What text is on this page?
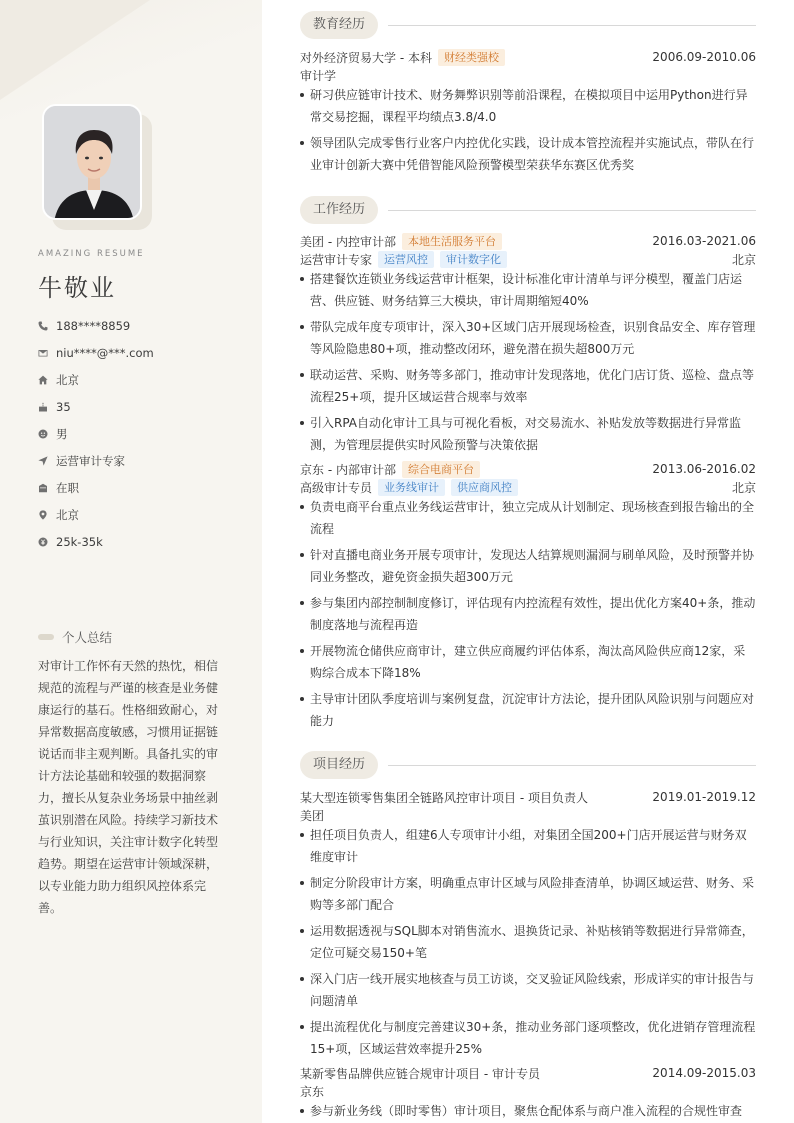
AMAZING RESUME
牛敬业
188****8859
niu****@***.com
北京
35
男
运营审计专家
在职
北京
25k-35k
个人总结
对审计工作怀有天然的热忱，相信规范的流程与严谨的核查是业务健康运行的基石。性格细致耐心，对异常数据高度敏感，习惯用证据链说话而非主观判断。具备扎实的审计方法论基础和较强的数据洞察力，擅长从复杂业务场景中抽丝剥茧识别潜在风险。持续学习新技术与行业知识，关注审计数字化转型趋势。期望在运营审计领域深耕，以专业能力助力组织风控体系完善。
教育经历
对外经济贸易大学 - 本科	财经类强校	2006.09-2010.06
审计学
研习供应链审计技术、财务舞弊识别等前沿课程，在模拟项目中运用Python进行异常交易挖掘，课程平均绩点3.8/4.0
领导团队完成零售行业客户内控优化实践，设计成本管控流程并实施试点，带队在行业审计创新大赛中凭借智能风险预警模型荣获华东赛区优秀奖
工作经历
美团 - 内控审计部	本地生活服务平台	2016.03-2021.06
运营审计专家	运营风控	审计数字化	北京
搭建餐饮连锁业务线运营审计框架，设计标准化审计清单与评分模型，覆盖门店运营、供应链、财务结算三大模块，审计周期缩短40%
带队完成年度专项审计，深入30+区域门店开展现场检查，识别食品安全、库存管理等风险隐患80+项，推动整改闭环，避免潜在损失超800万元
联动运营、采购、财务等多部门，推动审计发现落地，优化门店订货、巡检、盘点等流程25+项，提升区域运营合规率与效率
引入RPA自动化审计工具与可视化看板，对交易流水、补贴发放等数据进行异常监测，为管理层提供实时风险预警与决策依据
京东 - 内部审计部	综合电商平台	2013.06-2016.02
高级审计专员	业务线审计	供应商风控	北京
负责电商平台重点业务线运营审计，独立完成从计划制定、现场核查到报告输出的全流程
针对直播电商业务开展专项审计，发现达人结算规则漏洞与刷单风险，及时预警并协同业务整改，避免资金损失超300万元
参与集团内部控制制度修订，评估现有内控流程有效性，提出优化方案40+条，推动制度落地与流程再造
开展物流仓储供应商审计，建立供应商履约评估体系，淘汰高风险供应商12家，采购综合成本下降18%
主导审计团队季度培训与案例复盘，沉淀审计方法论，提升团队风险识别与问题应对能力
项目经历
某大型连锁零售集团全链路风控审计项目 - 项目负责人	2019.01-2019.12
美团
担任项目负责人，组建6人专项审计小组，对集团全国200+门店开展运营与财务双维度审计
制定分阶段审计方案，明确重点审计区域与风险排查清单，协调区域运营、财务、采购等多部门配合
运用数据透视与SQL脚本对销售流水、退换货记录、补贴核销等数据进行异常筛查，定位可疑交易150+笔
深入门店一线开展实地核查与员工访谈，交叉验证风险线索，形成详实的审计报告与问题清单
提出流程优化与制度完善建议30+条，推动业务部门逐项整改，优化进销存管理流程15+项，区域运营效率提升25%
某新零售品牌供应链合规审计项目 - 审计专员	2014.09-2015.03
京东
参与新业务线（即时零售）审计项目，聚焦仓配体系与商户准入流程的合规性审查
